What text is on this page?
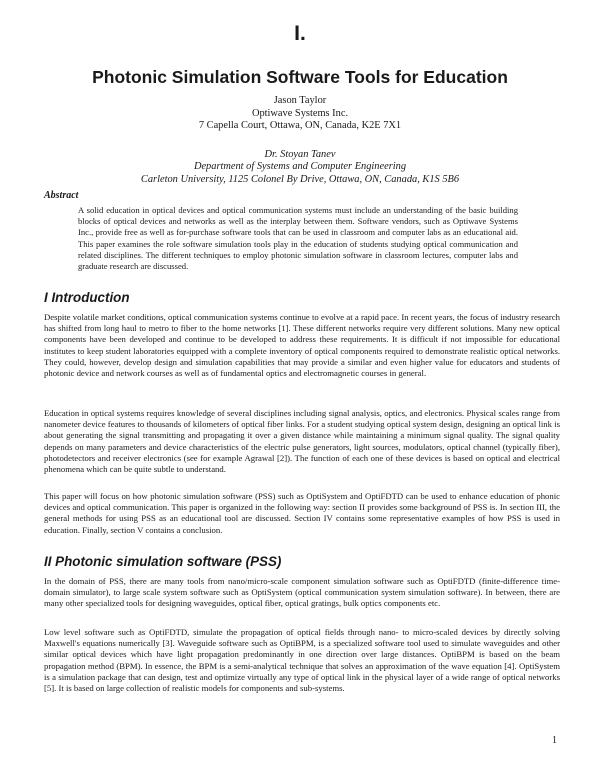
I.
Photonic Simulation Software Tools for Education
Jason Taylor
Optiwave Systems Inc.
7 Capella Court, Ottawa, ON, Canada, K2E 7X1
Dr. Stoyan Tanev
Department of Systems and Computer Engineering
Carleton University, 1125 Colonel By Drive, Ottawa, ON, Canada, K1S 5B6
Abstract
A solid education in optical devices and optical communication systems must include an understanding of the basic building blocks of optical devices and networks as well as the interplay between them. Software vendors, such as Optiwave Systems Inc., provide free as well as for-purchase software tools that can be used in classroom and computer labs as an educational aid. This paper examines the role software simulation tools play in the education of students studying optical communication and related disciplines. The different techniques to employ photonic simulation software in classroom lectures, computer labs and graduate research are discussed.
I Introduction
Despite volatile market conditions, optical communication systems continue to evolve at a rapid pace. In recent years, the focus of industry research has shifted from long haul to metro to fiber to the home networks [1]. These different networks require very different solutions. Many new optical components have been developed and continue to be developed to address these requirements. It is difficult if not impossible for educational institutes to keep student laboratories equipped with a complete inventory of optical components required to demonstrate realistic optical networks. They could, however, develop design and simulation capabilities that may provide a similar and even higher value for educators and students of photonic device and network courses as well as of fundamental optics and electromagnetic courses in general.
Education in optical systems requires knowledge of several disciplines including signal analysis, optics, and electronics. Physical scales range from nanometer device features to thousands of kilometers of optical fiber links. For a student studying optical system design, designing an optical link is about generating the signal transmitting and propagating it over a given distance while maintaining a minimum signal quality. The signal quality depends on many parameters and device characteristics of the electric pulse generators, light sources, modulators, optical channel (typically fiber), photodetectors and receiver electronics (see for example Agrawal [2]). The function of each one of these devices is based on optical and electrical phenomena which can be quite subtle to understand.
This paper will focus on how photonic simulation software (PSS) such as OptiSystem and OptiFDTD can be used to enhance education of phonic devices and optical communication. This paper is organized in the following way: section II provides some background of PSS is. In section III, the general methods for using PSS as an educational tool are discussed. Section IV contains some representative examples of how PSS is used in education. Finally, section V contains a conclusion.
II Photonic simulation software (PSS)
In the domain of PSS, there are many tools from nano/micro-scale component simulation software such as OptiFDTD (finite-difference time-domain simulator), to large scale system software such as OptiSystem (optical communication system simulation software). In between, there are many other specialized tools for designing waveguides, optical fiber, optical gratings, bulk optics components etc.
Low level software such as OptiFDTD, simulate the propagation of optical fields through nano- to micro-scaled devices by directly solving Maxwell's equations numerically [3]. Waveguide software such as OptiBPM, is a specialized software tool used to simulate waveguides and other similar optical devices which have light propagation predominantly in one direction over large distances. OptiBPM is based on the beam propagation method (BPM). In essence, the BPM is a semi-analytical technique that solves an approximation of the wave equation [4]. OptiSystem is a simulation package that can design, test and optimize virtually any type of optical link in the physical layer of a wide range of optical networks [5]. It is based on large collection of realistic models for components and sub-systems.
1
